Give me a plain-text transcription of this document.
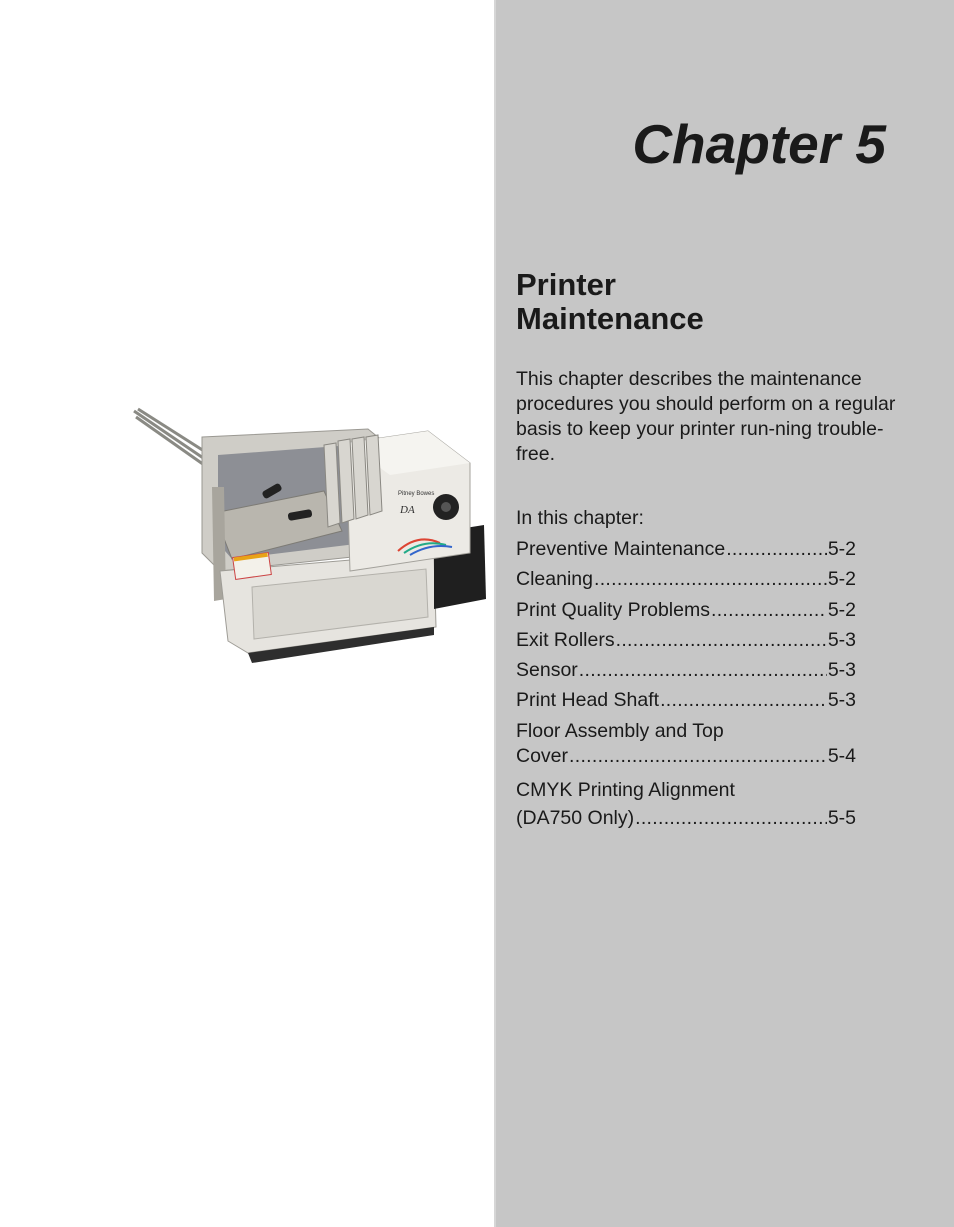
Pitney Bowes
DA
Chapter 5
Printer
Maintenance

This chapter describes the maintenance procedures you should perform on a regular basis to keep your printer run-ning trouble-free.

In this chapter:

Preventive Maintenance .....	5-2
Cleaning .....	5-2
Print Quality Problems .....	5-2
Exit Rollers .....	5-3
Sensor .....	5-3
Print Head Shaft .....	5-3
Floor Assembly and Top
Cover .....	5-4
CMYK Printing Alignment
(DA750 Only) .....	5-5
